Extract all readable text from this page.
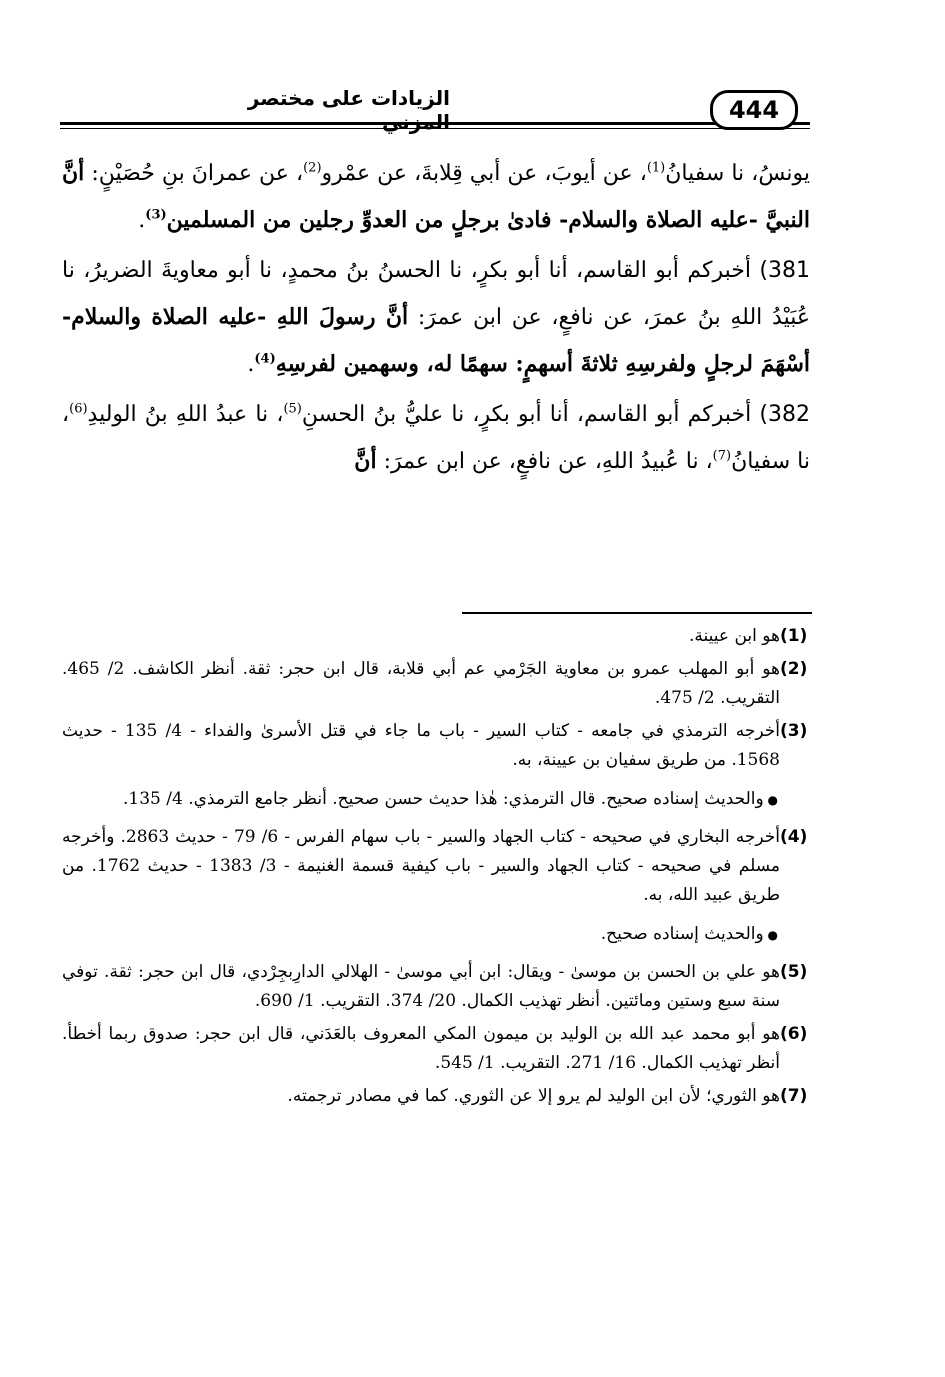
الزيادات على مختصر المزني	444

يونسُ، نا سفيانُ$^{(1)}$، عن أيوبَ، عن أبي قِلابةَ، عن عمْرو$^{(2)}$، عن عمرانَ بنِ حُصَيْنٍ: أنَّ النبيَّ -عليه الصلاة والسلام- فادىٰ برجلٍ من العدوِّ رجلين من المسلمين$^{(3)}$.

381) أخبركم أبو القاسم، أنا أبو بكرٍ، نا الحسنُ بنُ محمدٍ، نا أبو معاويةَ الضريرُ، نا عُبَيْدُ اللهِ بنُ عمرَ، عن نافعٍ، عن ابن عمرَ: أنَّ رسولَ اللهِ -عليه الصلاة والسلام- أسْهَمَ لرجلٍ ولفرسِهِ ثلاثةَ أسهمٍ: سهمًا له، وسهمين لفرسِهِ$^{(4)}$.

382) أخبركم أبو القاسم، أنا أبو بكرٍ، نا عليُّ بنُ الحسنِ$^{(5)}$، نا عبدُ اللهِ بنُ الوليدِ$^{(6)}$، نا سفيانُ$^{(7)}$، نا عُبيدُ اللهِ، عن نافعٍ، عن ابن عمرَ: أنَّ

(1)
هو ابن عيينة.
(2)
هو أبو المهلب عمرو بن معاوية الجَرْمي عم أبي قلابة، قال ابن حجر: ثقة. أنظر الكاشف. 2/ 465. التقريب. 2/ 475.
(3)
أخرجه الترمذي في جامعه - كتاب السير - باب ما جاء في قتل الأسرىٰ والفداء - 4/ 135 - حديث 1568. من طريق سفيان بن عيينة، به.
● والحديث إسناده صحيح. قال الترمذي: هٰذا حديث حسن صحيح. أنظر جامع الترمذي. 4/ 135.
(4)
أخرجه البخاري في صحيحه - كتاب الجهاد والسير - باب سهام الفرس - 6/ 79 - حديث 2863. وأخرجه مسلم في صحيحه - كتاب الجهاد والسير - باب كيفية قسمة الغنيمة - 3/ 1383 - حديث 1762. من طريق عبيد الله، به.
● والحديث إسناده صحيح.
(5)
هو علي بن الحسن بن موسىٰ - ويقال: ابن أبي موسىٰ - الهلالي الدارِبجِرْدي، قال ابن حجر: ثقة. توفي سنة سبع وستين ومائتين. أنظر تهذيب الكمال. 20/ 374. التقريب. 1/ 690.
(6)
هو أبو محمد عبد الله بن الوليد بن ميمون المكي المعروف بالعَدَني، قال ابن حجر: صدوق ربما أخطأ. أنظر تهذيب الكمال. 16/ 271. التقريب. 1/ 545.
(7)
هو الثوري؛ لأن ابن الوليد لم يرو إلا عن الثوري. كما في مصادر ترجمته.
